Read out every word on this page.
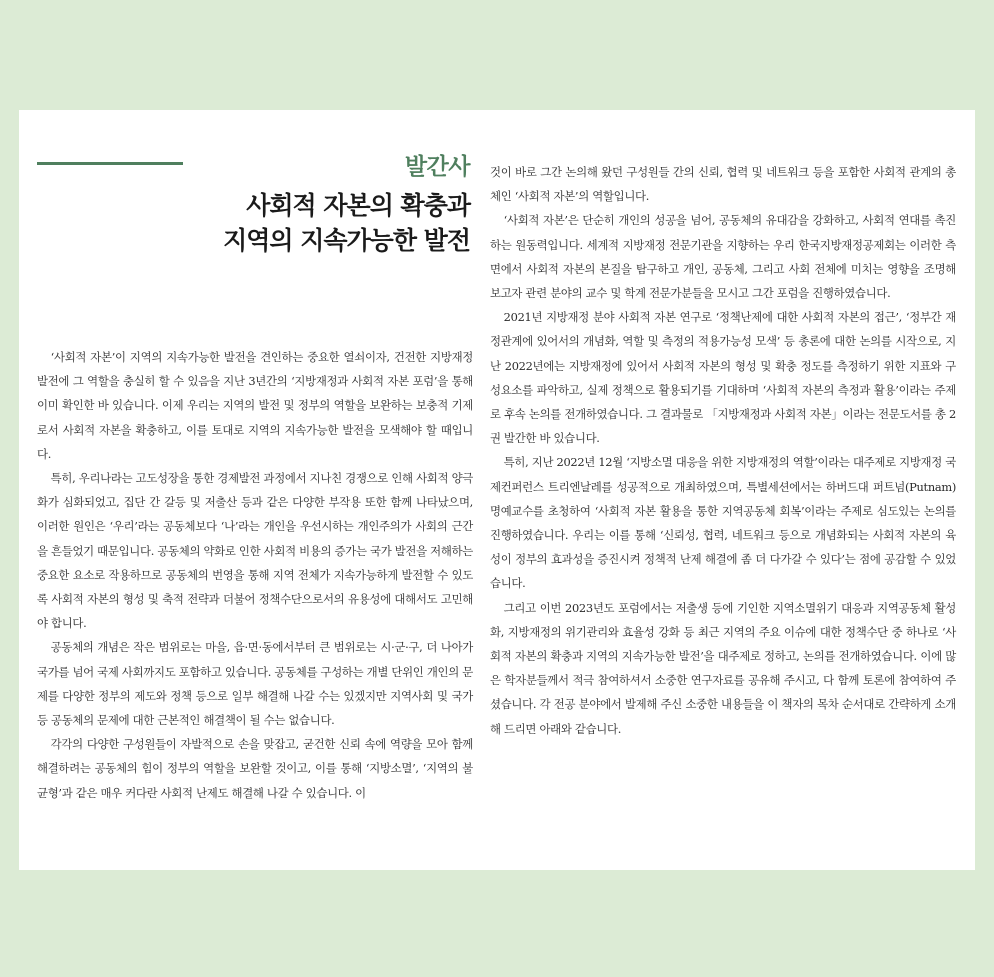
발간사
사회적 자본의 확충과
지역의 지속가능한 발전

‘사회적 자본’이 지역의 지속가능한 발전을 견인하는 중요한 열쇠이자, 건전한 지방재정 발전에 그 역할을 충실히 할 수 있음을 지난 3년간의 ‘지방재정과 사회적 자본 포럼’을 통해 이미 확인한 바 있습니다. 이제 우리는 지역의 발전 및 정부의 역할을 보완하는 보충적 기제로서 사회적 자본을 확충하고, 이를 토대로 지역의 지속가능한 발전을 모색해야 할 때입니다.

특히, 우리나라는 고도성장을 통한 경제발전 과정에서 지나친 경쟁으로 인해 사회적 양극화가 심화되었고, 집단 간 갈등 및 저출산 등과 같은 다양한 부작용 또한 함께 나타났으며, 이러한 원인은 ‘우리’라는 공동체보다 ‘나’라는 개인을 우선시하는 개인주의가 사회의 근간을 흔들었기 때문입니다. 공동체의 약화로 인한 사회적 비용의 증가는 국가 발전을 저해하는 중요한 요소로 작용하므로 공동체의 번영을 통해 지역 전체가 지속가능하게 발전할 수 있도록 사회적 자본의 형성 및 축적 전략과 더불어 정책수단으로서의 유용성에 대해서도 고민해야 합니다.

공동체의 개념은 작은 범위로는 마을, 읍·면·동에서부터 큰 범위로는 시·군·구, 더 나아가 국가를 넘어 국제 사회까지도 포함하고 있습니다. 공동체를 구성하는 개별 단위인 개인의 문제를 다양한 정부의 제도와 정책 등으로 일부 해결해 나갈 수는 있겠지만 지역사회 및 국가 등 공동체의 문제에 대한 근본적인 해결책이 될 수는 없습니다.

각각의 다양한 구성원들이 자발적으로 손을 맞잡고, 굳건한 신뢰 속에 역량을 모아 함께 해결하려는 공동체의 힘이 정부의 역할을 보완할 것이고, 이를 통해 ‘지방소멸’, ‘지역의 불균형’과 같은 매우 커다란 사회적 난제도 해결해 나갈 수 있습니다. 이

것이 바로 그간 논의해 왔던 구성원들 간의 신뢰, 협력 및 네트워크 등을 포함한 사회적 관계의 총체인 ‘사회적 자본’의 역할입니다.

‘사회적 자본’은 단순히 개인의 성공을 넘어, 공동체의 유대감을 강화하고, 사회적 연대를 촉진하는 원동력입니다. 세계적 지방재정 전문기관을 지향하는 우리 한국지방재정공제회는 이러한 측면에서 사회적 자본의 본질을 탐구하고 개인, 공동체, 그리고 사회 전체에 미치는 영향을 조명해 보고자 관련 분야의 교수 및 학계 전문가분들을 모시고 그간 포럼을 진행하였습니다.

2021년 지방재정 분야 사회적 자본 연구로 ‘정책난제에 대한 사회적 자본의 접근’, ‘정부간 재정관계에 있어서의 개념화, 역할 및 측정의 적용가능성 모색’ 등 총론에 대한 논의를 시작으로, 지난 2022년에는 지방재정에 있어서 사회적 자본의 형성 및 확충 정도를 측정하기 위한 지표와 구성요소를 파악하고, 실제 정책으로 활용되기를 기대하며 ‘사회적 자본의 측정과 활용’이라는 주제로 후속 논의를 전개하였습니다. 그 결과물로 「지방재정과 사회적 자본」이라는 전문도서를 총 2권 발간한 바 있습니다.

특히, 지난 2022년 12월 ‘지방소멸 대응을 위한 지방재정의 역할’이라는 대주제로 지방재정 국제컨퍼런스 트리엔날레를 성공적으로 개최하였으며, 특별세션에서는 하버드대 퍼트넘(Putnam) 명예교수를 초청하여 ‘사회적 자본 활용을 통한 지역공동체 회복’이라는 주제로 심도있는 논의를 진행하였습니다. 우리는 이를 통해 ‘신뢰성, 협력, 네트워크 등으로 개념화되는 사회적 자본의 육성이 정부의 효과성을 증진시켜 정책적 난제 해결에 좀 더 다가갈 수 있다’는 점에 공감할 수 있었습니다.

그리고 이번 2023년도 포럼에서는 저출생 등에 기인한 지역소멸위기 대응과 지역공동체 활성화, 지방재정의 위기관리와 효율성 강화 등 최근 지역의 주요 이슈에 대한 정책수단 중 하나로 ‘사회적 자본의 확충과 지역의 지속가능한 발전’을 대주제로 정하고, 논의를 전개하였습니다. 이에 많은 학자분들께서 적극 참여하셔서 소중한 연구자료를 공유해 주시고, 다 함께 토론에 참여하여 주셨습니다. 각 전공 분야에서 발제해 주신 소중한 내용들을 이 책자의 목차 순서대로 간략하게 소개해 드리면 아래와 같습니다.
